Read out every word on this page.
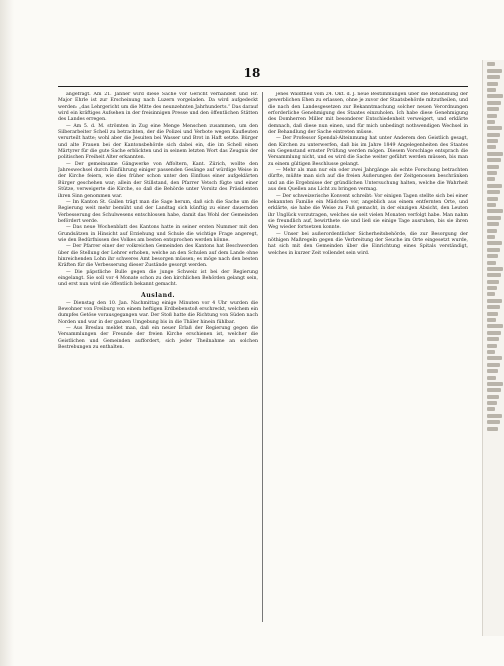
18

angefragt. Am 21. Jänner wird diese Sache vor Gericht verhandelt und Hr. Major Ehrle ist zur Erscheinung nach Luzern vorgeladen. Da wird aufgedeckt werden: „das Lehrgericht um die Mitte des neunzehnten Jahrhunderts.“ Das darauf wird ein kräftiges Aufsehen in der freisinnigen Presse und den öffentlichen Stätten des Landes erregen.

— Am 5. d. M. strömten in Zug eine Menge Menschen zusammen, um den Silberarbeiter Schell zu betrachten, der die Polizei und Verbote wegen Kaufleuten verurteilt hatte; wohl aber die Jesuiten bei Wasser und Brot in Haft setzte. Bürger und alte Frauen bei der Kantonsbehörde sich dabei ein, die im Schell einen Märtyrer für die gute Sache erblickten und in seinem letzten Wort das Zeugnis der politischen Freiheit Alter erkannten.

— Der gemeinsame Gängwerke von Affoltern, Kant. Zürich, wollte den Jahreswechsel durch Einführung einiger passenden Gesänge auf würdige Weise in der Kirche feiern, wie dies früher schon unter den Einfluss einer aufgeklärten Bürger geschehen war; allein der Stillstand, den Pfarrer Vetsch fügte und einer Stütze, verweigerte die Kirche, so daß die Behörde unter Vorsitz des Präsidenten ihren Sinn genommen war.

— Im Kanton St. Gallen trägt man die Sage herum, daß sich die Sache um die Regierung weit mehr bemüht und der Landtag sich künftig zu einer dauernden Verbesserung des Schulwesens entschlossen habe, damit das Wohl der Gemeinden befördert werde.

— Das neue Wochenblatt des Kantons hatte in seiner ersten Nummer mit den Grundsätzen in Hinsicht auf Erziehung und Schule die wichtige Frage angeregt, wie den Bedürfnissen des Volkes am besten entsprochen werden könne.

— Der Pfarrer einer der volkreichen Gemeinden des Kantons hat Beschwerden über die Stellung der Lehrer erhoben, welche an den Schulen auf dem Lande ohne hinreichenden Lohn ihr schweres Amt besorgen müssen; es möge nach den besten Kräften für die Verbesserung dieser Zustände gesorgt werden.

— Die päpstliche Bulle gegen die junge Schweiz ist bei der Regierung eingelangt. Sie soll vor 4 Monate schon zu den kirchlichen Behörden gelangt sein, und erst nun wird sie öffentlich bekannt gemacht.

Ausland.

— Dienstag den 10. Jan. Nachmittag einige Minuten vor 4 Uhr wurden die Bewohner von Freiburg von einem heftigen Erdbebenstoß erschreckt, welchem ein dumpfes Getöse vorausgegangen war. Der Stoß hatte die Richtung von Süden nach Norden und war in der ganzen Umgebung bis in die Thäler hinein fühlbar.

— Aus Breslau meldet man, daß ein neuer Erlaß der Regierung gegen die Versammlungen der Freunde der freien Kirche erschienen ist, welcher die Geistlichen und Gemeinden auffordert, sich jeder Theilnahme an solchen Bestrebungen zu enthalten.

jenes Waldtheil vom 24. Okt. d. J. neue Bestimmungen über die Behandlung der gewerblichen Ehen zu erlassen, ohne je zuvor der Staatsbehörde mitzutheilen, und die nach den Landesgesetzen zur Bekanntmachung solcher neuen Verordnungen erforderliche Genehmigung des Staates einzuholen. Ich habe diese Genehmigung des Domherren Miller mit besonderer Entschiedenheit verweigert, und erklärte demnach, daß diese nun einen, und für mich unbedingt nothwendigen Wechsel in der Behandlung der Sache eintreten müsse.

— Der Professor Spendal-Alteinmumg hat unter Anderem den Geistlich gesagt, den Kirchen zu unterwerfen, daß bis im Jahre 1849 Angelegenheiten des Staates ein Gegenstand ernster Prüfung werden mögen. Diesem Vorschlage entsprach die Versammlung nicht, und es wird die Sache weiter geführt werden müssen, bis man zu einem gültigen Beschlusse gelangt.

— Mehr als man nur ein oder zwei Jahrgänge als echte Forschung betrachten dürfte, müßte man sich auf die freien Äußerungen der Zeitgenossen beschränken und an die Ergebnisse der gründlichen Untersuchung halten, welche die Wahrheit aus den Quellen ans Licht zu bringen vermag.

— Der schweizerische Konvent schreibt: Vor einigen Tagen stellte sich bei einer bekannten Familie ein Mädchen vor, angeblich aus einem entfernten Orte, und erklärte, sie habe die Weise zu Fuß gemacht, in der einzigen Absicht, den Leuten ihr Unglück vorzutragen, welches sie seit vielen Monaten verfolgt habe. Man nahm sie freundlich auf, bewirthete sie und ließ sie einige Tage ausruhen, bis sie ihren Weg wieder fortsetzen konnte.

— Unser bei außerordentlicher Sicherheitsbehörde, die zur Besorgung der nöthigen Maßregeln gegen die Verbreitung der Seuche im Orte eingesetzt wurde, hat sich mit den Gemeinden über die Einrichtung eines Spitals verständigt, welches in kurzer Zeit vollendet sein wird.
